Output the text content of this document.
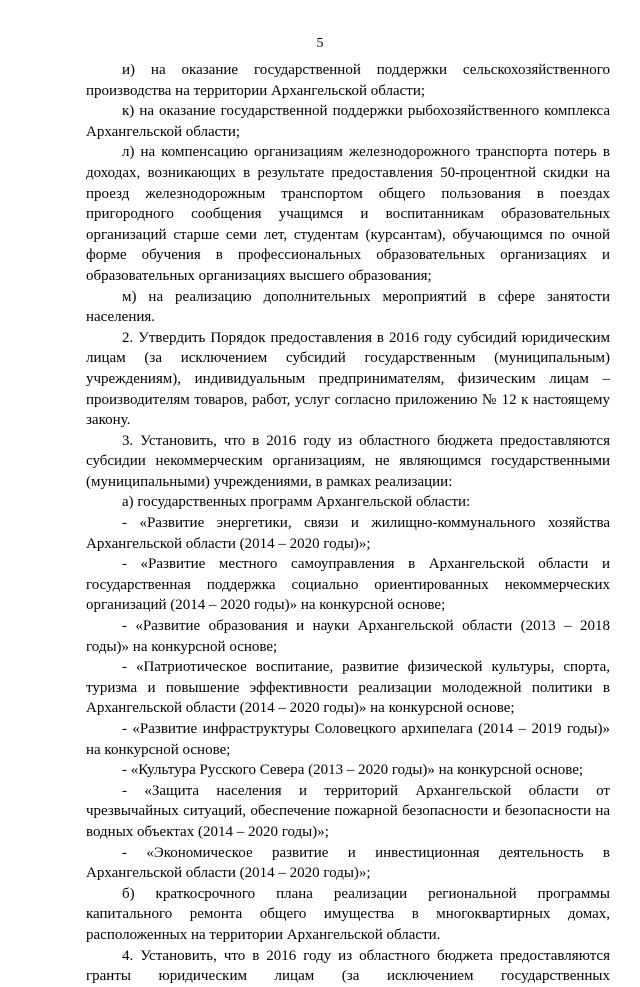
5

и) на оказание государственной поддержки сельскохозяйственного производства на территории Архангельской области;

к) на оказание государственной поддержки рыбохозяйственного комплекса Архангельской области;

л) на компенсацию организациям железнодорожного транспорта потерь в доходах, возникающих в результате предоставления 50-процентной скидки на проезд железнодорожным транспортом общего пользования в поездах пригородного сообщения учащимся и воспитанникам образовательных организаций старше семи лет, студентам (курсантам), обучающимся по очной форме обучения в профессиональных образовательных организациях и образовательных организациях высшего образования;

м) на реализацию дополнительных мероприятий в сфере занятости населения.

2. Утвердить Порядок предоставления в 2016 году субсидий юридическим лицам (за исключением субсидий государственным (муниципальным) учреждениям), индивидуальным предпринимателям, физическим лицам – производителям товаров, работ, услуг согласно приложению № 12 к настоящему закону.

3. Установить, что в 2016 году из областного бюджета предоставляются субсидии некоммерческим организациям, не являющимся государственными (муниципальными) учреждениями, в рамках реализации:

а) государственных программ Архангельской области:

- «Развитие энергетики, связи и жилищно-коммунального хозяйства Архангельской области (2014 – 2020 годы)»;

- «Развитие местного самоуправления в Архангельской области и государственная поддержка социально ориентированных некоммерческих организаций (2014 – 2020 годы)» на конкурсной основе;

- «Развитие образования и науки Архангельской области (2013 – 2018 годы)» на конкурсной основе;

- «Патриотическое воспитание, развитие физической культуры, спорта, туризма и повышение эффективности реализации молодежной политики в Архангельской области (2014 – 2020 годы)» на конкурсной основе;

- «Развитие инфраструктуры Соловецкого архипелага (2014 – 2019 годы)» на конкурсной основе;

- «Культура Русского Севера (2013 – 2020 годы)» на конкурсной основе;

- «Защита населения и территорий Архангельской области от чрезвычайных ситуаций, обеспечение пожарной безопасности и безопасности на водных объектах (2014 – 2020 годы)»;

- «Экономическое развитие и инвестиционная деятельность в Архангельской области (2014 – 2020 годы)»;

б) краткосрочного плана реализации региональной программы капитального ремонта общего имущества в многоквартирных домах, расположенных на территории Архангельской области.

4. Установить, что в 2016 году из областного бюджета предоставляются гранты юридическим лицам (за исключением государственных
